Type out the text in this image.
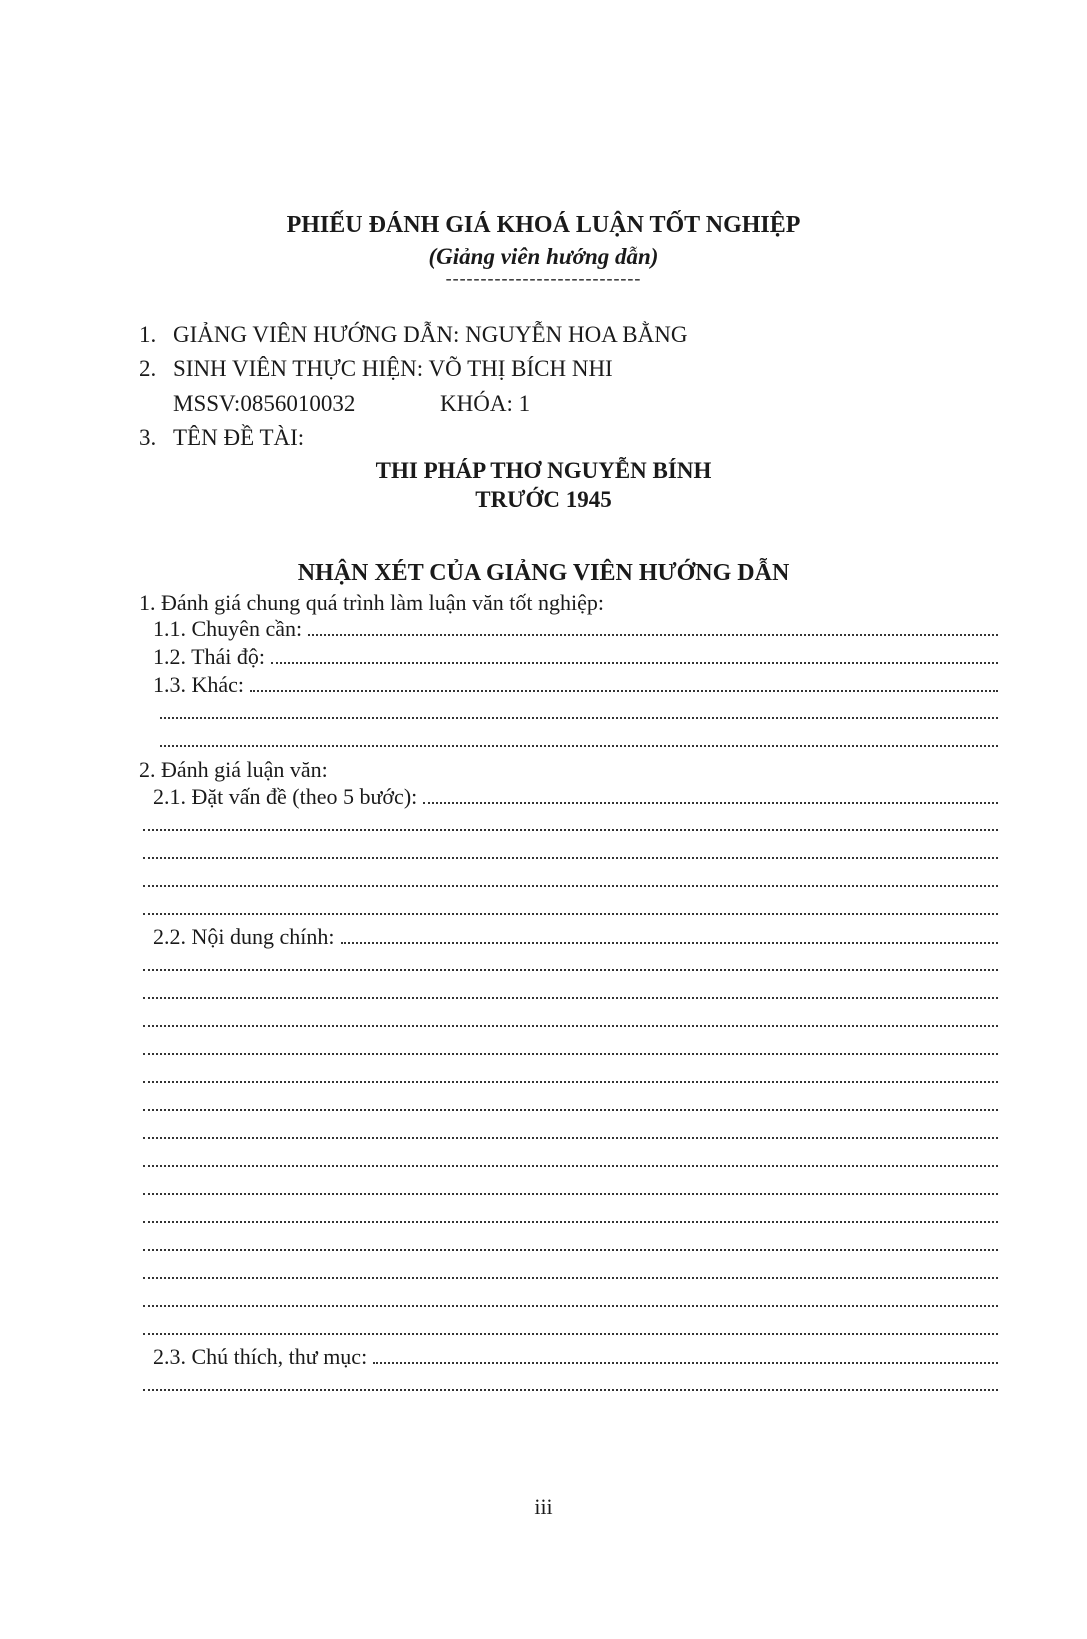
PHIẾU ĐÁNH GIÁ KHOÁ LUẬN TỐT NGHIỆP
(Giảng viên hướng dẫn)
----------------------------
1. GIẢNG VIÊN HƯỚNG DẪN: NGUYỄN HOA BẰNG
2. SINH VIÊN THỰC HIỆN: VÕ THỊ BÍCH NHI
MSSV:0856010032	KHÓA: 1
3. TÊN ĐỀ TÀI:
THI PHÁP THƠ NGUYỄN BÍNH
TRƯỚC 1945
NHẬN XÉT CỦA GIẢNG VIÊN HƯỚNG DẪN
1. Đánh giá chung quá trình làm luận văn tốt nghiệp:
1.1. Chuyên cần:
1.2. Thái độ:
1.3. Khác:
2. Đánh giá luận văn:
2.1. Đặt vấn đề (theo 5 bước):
2.2. Nội dung chính:
2.3. Chú thích, thư mục:
iii
